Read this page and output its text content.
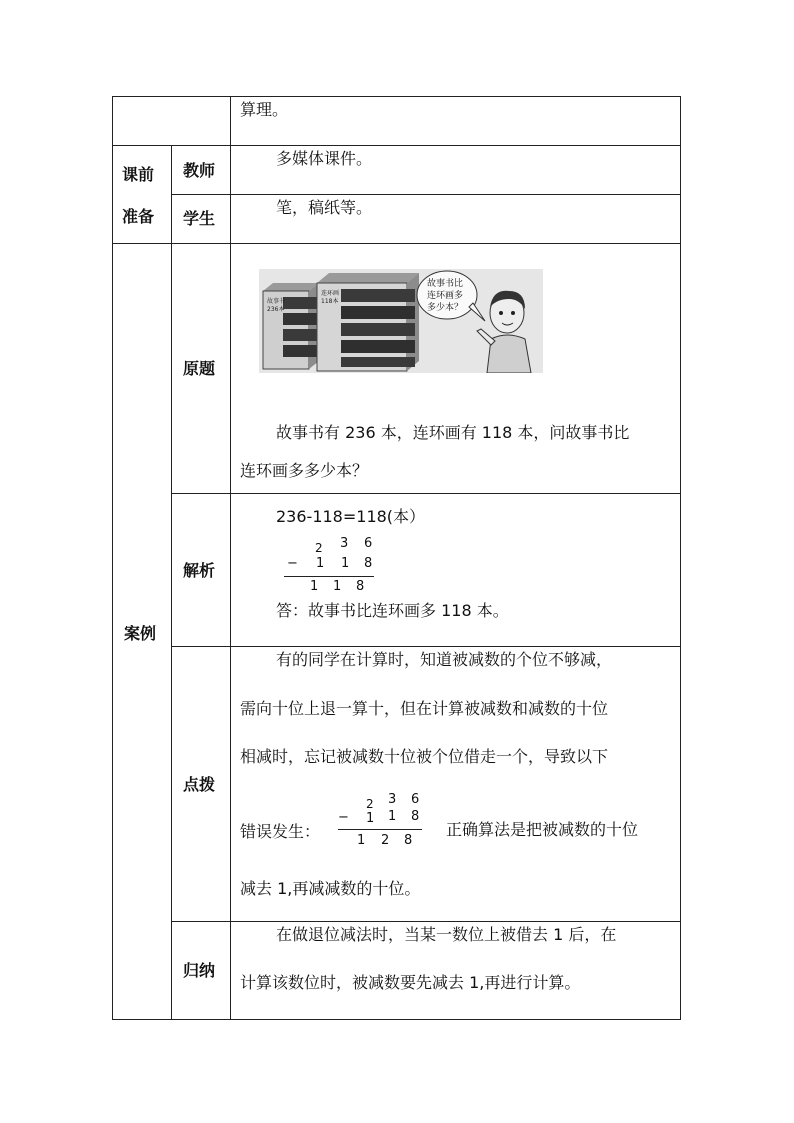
算理。
课前
准备
教师
多媒体课件。
学生
笔，稿纸等。
案例
原题
故事书
236本
连环画
118本
故事书比
连环画多
多少本？
故事书有 236 本，连环画有 118 本，问故事书比
连环画多多少本？
解析
236-118=118(本）
2 3 6
− 1 1 8
1 1 8
答：故事书比连环画多 118 本。
点拨
有的同学在计算时，知道被减数的个位不够减，
需向十位上退一算十，但在计算被减数和减数的十位
相减时，忘记被减数十位被个位借走一个，导致以下
错误发生：
2 3 6
− 1 1 8
1 2 8
正确算法是把被减数的十位
减去 1,再减减数的十位。
归纳
在做退位减法时，当某一数位上被借去 1 后，在
计算该数位时，被减数要先减去 1,再进行计算。
